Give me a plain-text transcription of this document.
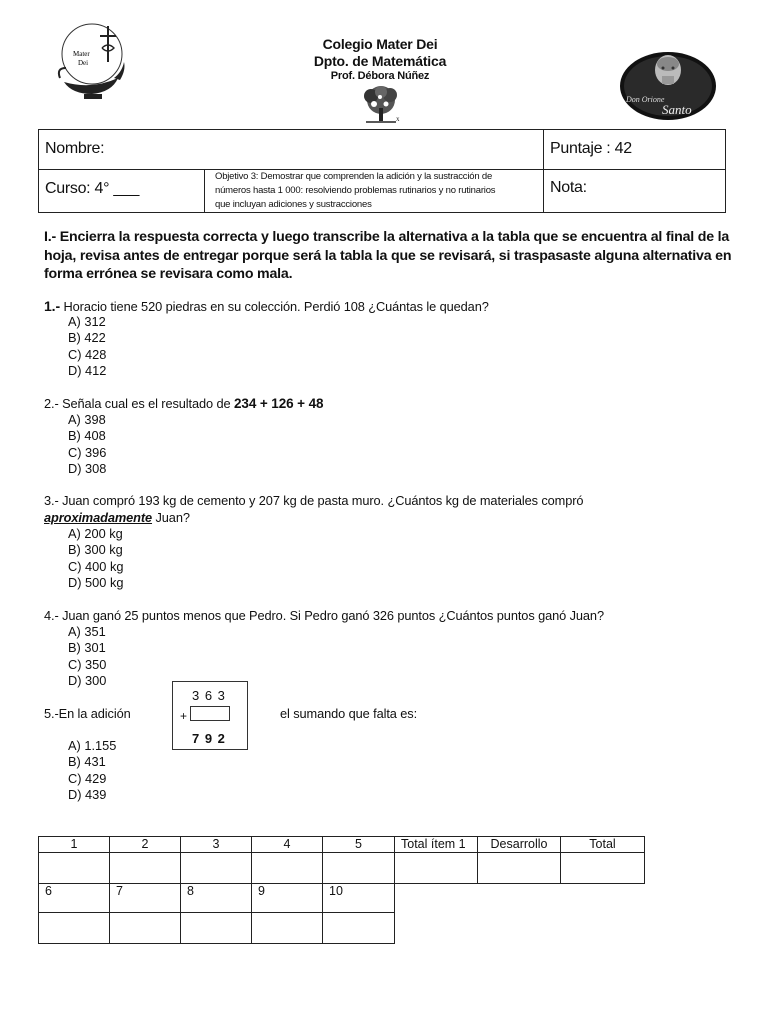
Mater
Dei
Colegio Mater Dei
Dpto. de Matemática
Prof. Débora Núñez
x
Don Orione
Santo
Nombre:	Puntaje : 42
Curso: 4° ___
Objetivo 3: Demostrar que comprenden la adición y la sustracción de
números hasta 1 000: resolviendo problemas rutinarios y no rutinarios
que incluyan adiciones y sustracciones
Nota:
I.- Encierra la respuesta correcta y luego transcribe la alternativa a la tabla que se encuentra al final de la
hoja, revisa antes de entregar porque será la tabla la que se revisará, si traspasaste alguna alternativa en
forma errónea se revisara como mala.
1.- Horacio tiene 520 piedras en su colección. Perdió 108 ¿Cuántas le quedan?
A) 312
B) 422
C) 428
D) 412
2.- Señala cual es el resultado de 234 + 126 + 48
A) 398
B) 408
C) 396
D) 308
3.- Juan compró 193 kg de cemento y 207 kg de pasta muro. ¿Cuántos kg de materiales compró
aproximadamente Juan?
A) 200 kg
B) 300 kg
C) 400 kg
D) 500 kg
4.- Juan ganó 25 puntos menos que Pedro. Si Pedro ganó 326 puntos ¿Cuántos puntos ganó Juan?
A) 351
B) 301
C) 350
D) 300
5.-En la adición
3 6 3
+
7 9 2
el sumando que falta es:
A) 1.155
B) 431
C) 429
D) 439
1	2	3	4	5	Total ítem 1	Desarrollo	Total

6	7	8	9	10
